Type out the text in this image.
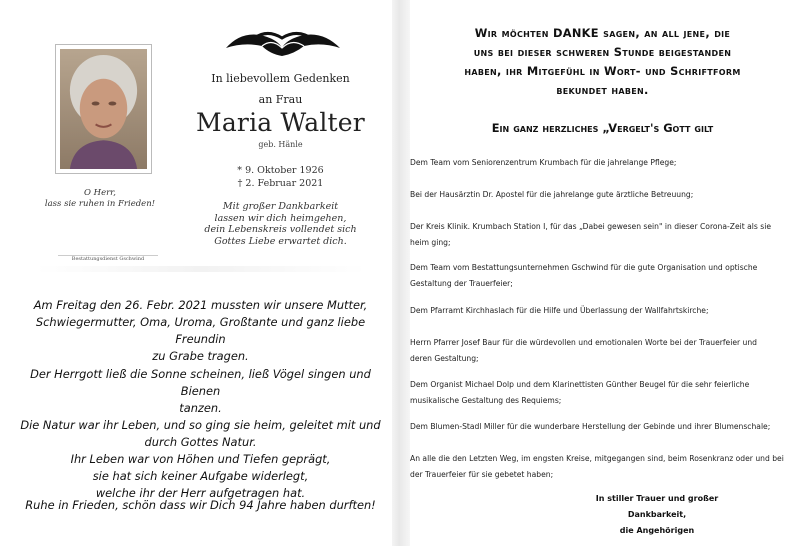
In liebevollem Gedenken
an Frau
Maria Walter
geb. Hänle
* 9. Oktober 1926
† 2. Februar 2021
Mit großer Dankbarkeit
lassen wir dich heimgehen,
dein Lebenskreis vollendet sich
Gottes Liebe erwartet dich.
O Herr,
lass sie ruhen in Frieden!
Bestattungsdienst Gschwind
Am Freitag den 26. Febr. 2021 mussten wir unsere Mutter,
Schwiegermutter, Oma, Uroma, Großtante und ganz liebe Freundin
zu Grabe tragen.
Der Herrgott ließ die Sonne scheinen, ließ Vögel singen und Bienen
tanzen.
Die Natur war ihr Leben, und so ging sie heim, geleitet mit und
durch Gottes Natur.
Ihr Leben war von Höhen und Tiefen geprägt,
sie hat sich keiner Aufgabe widerlegt,
welche ihr der Herr aufgetragen hat.
Ruhe in Frieden, schön dass wir Dich 94 Jahre haben durften!
Wir möchten DANKE sagen, an all jene, die
uns bei dieser schweren Stunde beigestanden
haben, ihr Mitgefühl in Wort- und Schriftform
bekundet haben.
Ein ganz herzliches „Vergelt's Gott gilt
Dem Team vom Seniorenzentrum Krumbach für die jahrelange Pflege;
Bei der Hausärztin Dr. Apostel für die jahrelange gute ärztliche Betreuung;
Der Kreis Klinik. Krumbach Station I, für das „Dabei gewesen sein" in dieser Corona-Zeit als sie
heim ging;
Dem Team vom Bestattungsunternehmen Gschwind für die gute Organisation und optische
Gestaltung der Trauerfeier;
Dem Pfarramt Kirchhaslach für die Hilfe und Überlassung der Wallfahrtskirche;
Herrn Pfarrer Josef Baur für die würdevollen und emotionalen Worte bei der Trauerfeier und
deren Gestaltung;
Dem Organist Michael Dolp und dem Klarinettisten Günther Beugel für die sehr feierliche
musikalische Gestaltung des Requiems;
Dem Blumen-Stadl Miller für die wunderbare Herstellung der Gebinde und ihrer Blumenschale;
An alle die den Letzten Weg, im engsten Kreise, mitgegangen sind, beim Rosenkranz oder und bei
der Trauerfeier für sie gebetet haben;
In stiller Trauer und großer Dankbarkeit,
die Angehörigen
